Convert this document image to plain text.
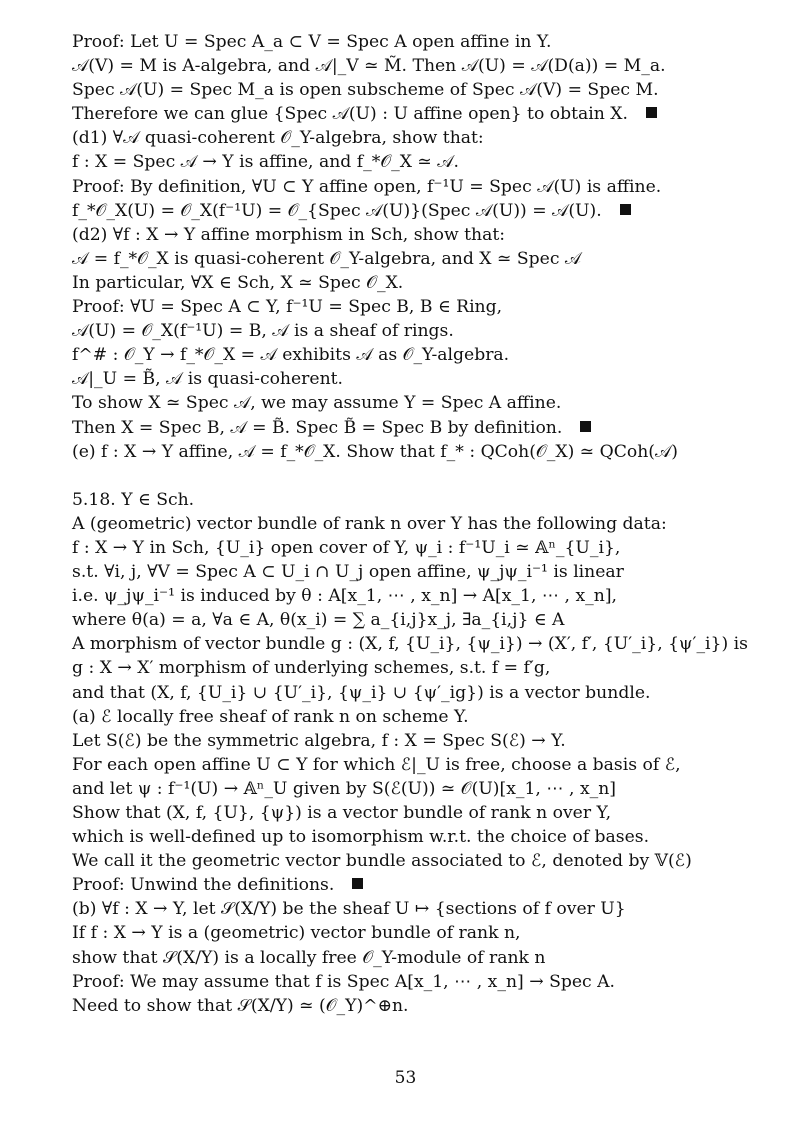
Proof: Let U = Spec A_a ⊂ V = Spec A open affine in Y.
𝒜(V) = M is A-algebra, and 𝒜|_V ≃ M̃. Then 𝒜(U) = 𝒜(D(a)) = M_a.
Spec 𝒜(U) = Spec M_a is open subscheme of Spec 𝒜(V) = Spec M.
Therefore we can glue {Spec 𝒜(U) : U affine open} to obtain X.
(d1) ∀𝒜 quasi-coherent 𝒪_Y-algebra, show that:
f : X = Spec 𝒜 → Y is affine, and f_*𝒪_X ≃ 𝒜.
Proof: By definition, ∀U ⊂ Y affine open, f⁻¹U = Spec 𝒜(U) is affine.
f_*𝒪_X(U) = 𝒪_X(f⁻¹U) = 𝒪_{Spec 𝒜(U)}(Spec 𝒜(U)) = 𝒜(U).
(d2) ∀f : X → Y affine morphism in Sch, show that:
𝒜 = f_*𝒪_X is quasi-coherent 𝒪_Y-algebra, and X ≃ Spec 𝒜
In particular, ∀X ∈ Sch, X ≃ Spec 𝒪_X.
Proof: ∀U = Spec A ⊂ Y, f⁻¹U = Spec B, B ∈ Ring,
𝒜(U) = 𝒪_X(f⁻¹U) = B, 𝒜 is a sheaf of rings.
f^# : 𝒪_Y → f_*𝒪_X = 𝒜 exhibits 𝒜 as 𝒪_Y-algebra.
𝒜|_U = B̃, 𝒜 is quasi-coherent.
To show X ≃ Spec 𝒜, we may assume Y = Spec A affine.
Then X = Spec B, 𝒜 = B̃. Spec B̃ = Spec B by definition.
(e) f : X → Y affine, 𝒜 = f_*𝒪_X. Show that f_* : QCoh(𝒪_X) ≃ QCoh(𝒜)
5.18. Y ∈ Sch.
A (geometric) vector bundle of rank n over Y has the following data:
f : X → Y in Sch, {U_i} open cover of Y, ψ_i : f⁻¹U_i ≃ 𝔸ⁿ_{U_i},
s.t. ∀i, j, ∀V = Spec A ⊂ U_i ∩ U_j open affine, ψ_jψ_i⁻¹ is linear
i.e. ψ_jψ_i⁻¹ is induced by θ : A[x_1, ⋯ , x_n] → A[x_1, ⋯ , x_n],
where θ(a) = a, ∀a ∈ A, θ(x_i) = ∑ a_{i,j}x_j, ∃a_{i,j} ∈ A
A morphism of vector bundle g : (X, f, {U_i}, {ψ_i}) → (X′, f′, {U′_i}, {ψ′_i}) is
g : X → X′ morphism of underlying schemes, s.t. f = f′g,
and that (X, f, {U_i} ∪ {U′_i}, {ψ_i} ∪ {ψ′_ig}) is a vector bundle.
(a) ℰ locally free sheaf of rank n on scheme Y.
Let S(ℰ) be the symmetric algebra, f : X = Spec S(ℰ) → Y.
For each open affine U ⊂ Y for which ℰ|_U is free, choose a basis of ℰ,
and let ψ : f⁻¹(U) → 𝔸ⁿ_U given by S(ℰ(U)) ≃ 𝒪(U)[x_1, ⋯ , x_n]
Show that (X, f, {U}, {ψ}) is a vector bundle of rank n over Y,
which is well-defined up to isomorphism w.r.t. the choice of bases.
We call it the geometric vector bundle associated to ℰ, denoted by 𝕍(ℰ)
Proof: Unwind the definitions.
(b) ∀f : X → Y, let 𝒮(X/Y) be the sheaf U ↦ {sections of f over U}
If f : X → Y is a (geometric) vector bundle of rank n,
show that 𝒮(X/Y) is a locally free 𝒪_Y-module of rank n
Proof: We may assume that f is Spec A[x_1, ⋯ , x_n] → Spec A.
Need to show that 𝒮(X/Y) ≃ (𝒪_Y)^⊕n.
53
